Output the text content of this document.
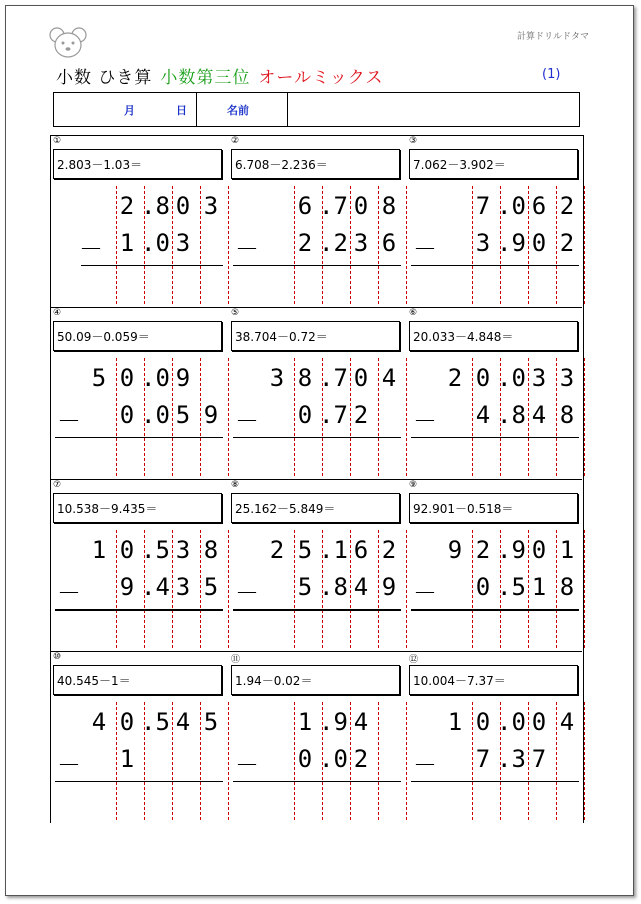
計算ドリルドタマ
小数 ひき算 小数第三位 オールミックス	(1)
月	日	名前
①
2.803－1.03＝
2 .8 0 3
1 .0 3
－
②
6.708－2.236＝
6 .7 0 8
2 .2 3 6
－
③
7.062－3.902＝
7 .0 6 2
3 .9 0 2
－
④
50.09－0.059＝
5 0 .0 9
0 .0 5 9
－
⑤
38.704－0.72＝
3 8 .7 0 4
0 .7 2
－
⑥
20.033－4.848＝
2 0 .0 3 3
4 .8 4 8
－
⑦
10.538－9.435＝
1 0 .5 3 8
9 .4 3 5
－
⑧
25.162－5.849＝
2 5 .1 6 2
5 .8 4 9
－
⑨
92.901－0.518＝
9 2 .9 0 1
0 .5 1 8
－
⑩
40.545－1＝
4 0 .5 4 5
1
－
⑪
1.94－0.02＝
1 .9 4
0 .0 2
－
⑫
10.004－7.37＝
1 0 .0 0 4
7 .3 7
－
